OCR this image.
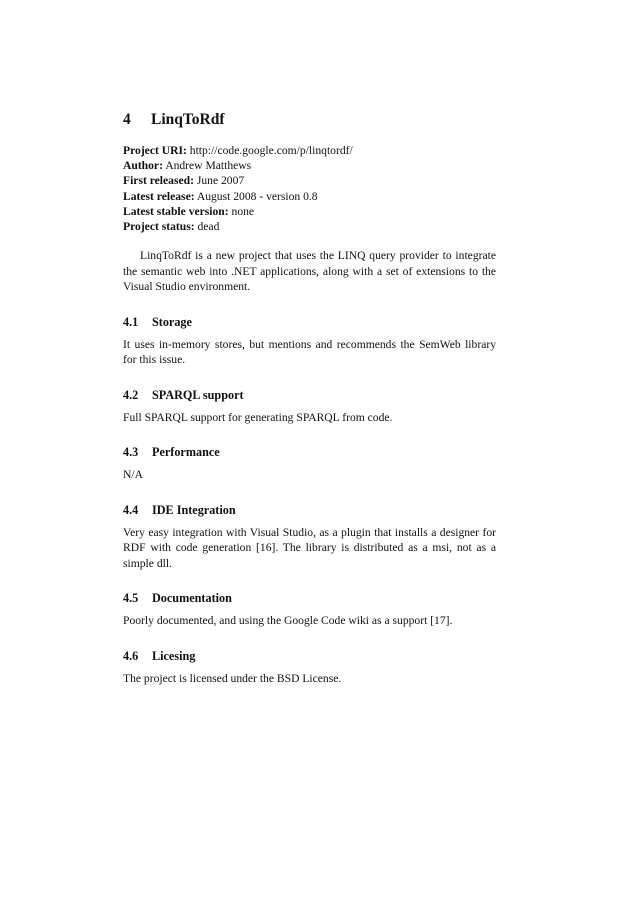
4 LinqToRdf
Project URI: http://code.google.com/p/linqtordf/
Author: Andrew Matthews
First released: June 2007
Latest release: August 2008 - version 0.8
Latest stable version: none
Project status: dead

LinqToRdf is a new project that uses the LINQ query provider to integrate the semantic web into .NET applications, along with a set of extensions to the Visual Studio environment.

4.1 Storage

It uses in-memory stores, but mentions and recommends the SemWeb library for this issue.

4.2 SPARQL support

Full SPARQL support for generating SPARQL from code.

4.3 Performance

N/A

4.4 IDE Integration

Very easy integration with Visual Studio, as a plugin that installs a designer for RDF with code generation [16]. The library is distributed as a msi, not as a simple dll.

4.5 Documentation

Poorly documented, and using the Google Code wiki as a support [17].

4.6 Licesing

The project is licensed under the BSD License.
